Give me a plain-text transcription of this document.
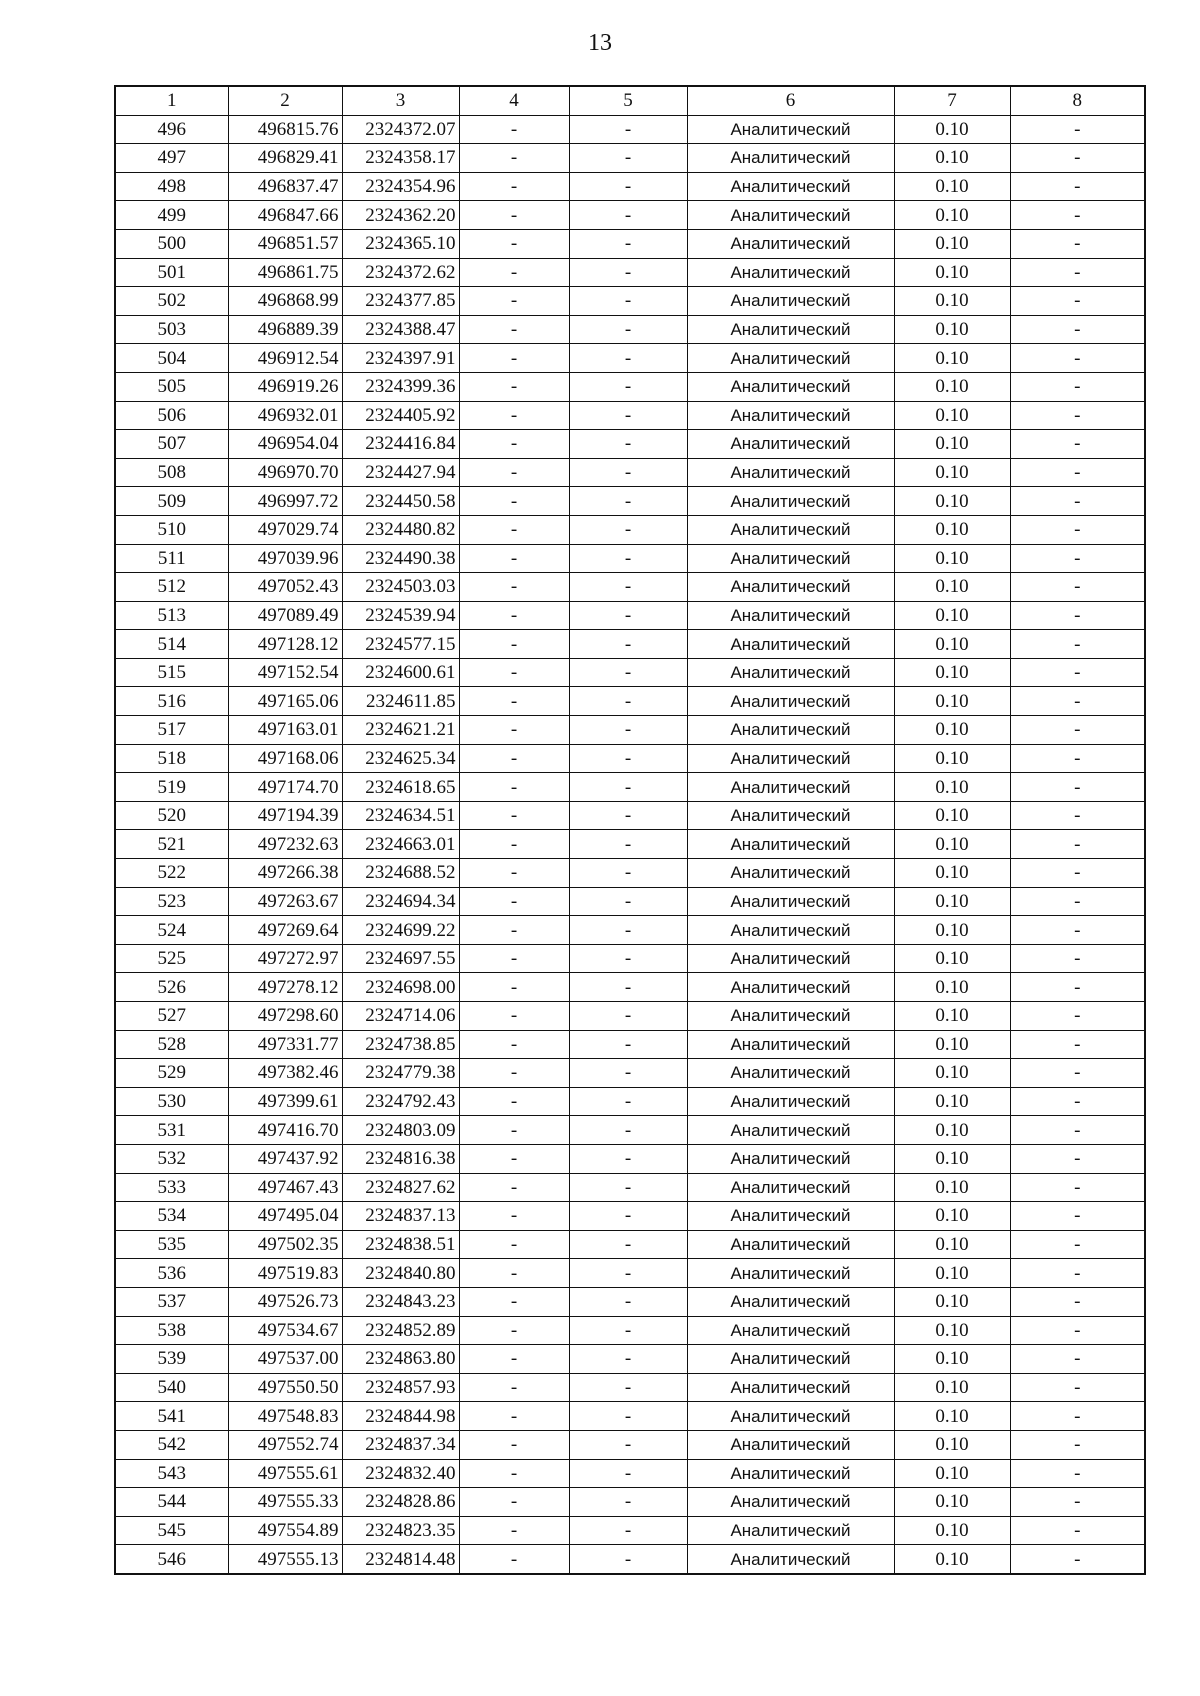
13
1	2	3	4	5	6	7	8
496	496815.76	2324372.07	-	-	Аналитический	0.10	-
497	496829.41	2324358.17	-	-	Аналитический	0.10	-
498	496837.47	2324354.96	-	-	Аналитический	0.10	-
499	496847.66	2324362.20	-	-	Аналитический	0.10	-
500	496851.57	2324365.10	-	-	Аналитический	0.10	-
501	496861.75	2324372.62	-	-	Аналитический	0.10	-
502	496868.99	2324377.85	-	-	Аналитический	0.10	-
503	496889.39	2324388.47	-	-	Аналитический	0.10	-
504	496912.54	2324397.91	-	-	Аналитический	0.10	-
505	496919.26	2324399.36	-	-	Аналитический	0.10	-
506	496932.01	2324405.92	-	-	Аналитический	0.10	-
507	496954.04	2324416.84	-	-	Аналитический	0.10	-
508	496970.70	2324427.94	-	-	Аналитический	0.10	-
509	496997.72	2324450.58	-	-	Аналитический	0.10	-
510	497029.74	2324480.82	-	-	Аналитический	0.10	-
511	497039.96	2324490.38	-	-	Аналитический	0.10	-
512	497052.43	2324503.03	-	-	Аналитический	0.10	-
513	497089.49	2324539.94	-	-	Аналитический	0.10	-
514	497128.12	2324577.15	-	-	Аналитический	0.10	-
515	497152.54	2324600.61	-	-	Аналитический	0.10	-
516	497165.06	2324611.85	-	-	Аналитический	0.10	-
517	497163.01	2324621.21	-	-	Аналитический	0.10	-
518	497168.06	2324625.34	-	-	Аналитический	0.10	-
519	497174.70	2324618.65	-	-	Аналитический	0.10	-
520	497194.39	2324634.51	-	-	Аналитический	0.10	-
521	497232.63	2324663.01	-	-	Аналитический	0.10	-
522	497266.38	2324688.52	-	-	Аналитический	0.10	-
523	497263.67	2324694.34	-	-	Аналитический	0.10	-
524	497269.64	2324699.22	-	-	Аналитический	0.10	-
525	497272.97	2324697.55	-	-	Аналитический	0.10	-
526	497278.12	2324698.00	-	-	Аналитический	0.10	-
527	497298.60	2324714.06	-	-	Аналитический	0.10	-
528	497331.77	2324738.85	-	-	Аналитический	0.10	-
529	497382.46	2324779.38	-	-	Аналитический	0.10	-
530	497399.61	2324792.43	-	-	Аналитический	0.10	-
531	497416.70	2324803.09	-	-	Аналитический	0.10	-
532	497437.92	2324816.38	-	-	Аналитический	0.10	-
533	497467.43	2324827.62	-	-	Аналитический	0.10	-
534	497495.04	2324837.13	-	-	Аналитический	0.10	-
535	497502.35	2324838.51	-	-	Аналитический	0.10	-
536	497519.83	2324840.80	-	-	Аналитический	0.10	-
537	497526.73	2324843.23	-	-	Аналитический	0.10	-
538	497534.67	2324852.89	-	-	Аналитический	0.10	-
539	497537.00	2324863.80	-	-	Аналитический	0.10	-
540	497550.50	2324857.93	-	-	Аналитический	0.10	-
541	497548.83	2324844.98	-	-	Аналитический	0.10	-
542	497552.74	2324837.34	-	-	Аналитический	0.10	-
543	497555.61	2324832.40	-	-	Аналитический	0.10	-
544	497555.33	2324828.86	-	-	Аналитический	0.10	-
545	497554.89	2324823.35	-	-	Аналитический	0.10	-
546	497555.13	2324814.48	-	-	Аналитический	0.10	-
